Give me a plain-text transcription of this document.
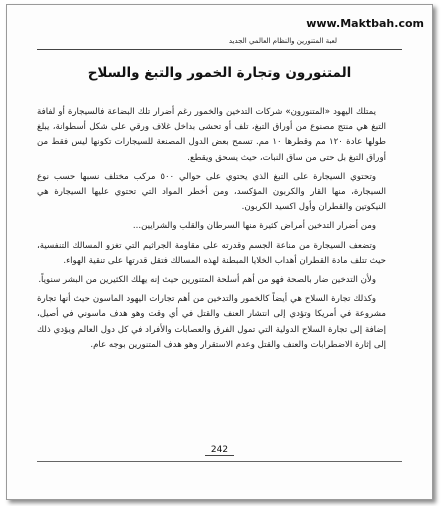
www.Maktbah.com
لعبة المتنورين والنظام العالمي الجديد
المتنورون وتجارة الخمور والتبغ والسلاح

يمتلك اليهود «المتنورون» شركات التدخين والخمور رغم أضرار تلك البضاعة فالسيجارة أو لفافة التبغ هي منتج مصنوع من أوراق التبغ، تلف أو تحشى بداخل غلاف ورقي على شكل أسطوانة، يبلغ طولها عادة ١٢٠ مم وقطرها ١٠ مم. تسمح بعض الدول المصنعة للسيجارات تكونها ليس فقط من أوراق التبغ بل حتى من ساق النبات، حيث يسحق ويقطع.

وتحتوي السيجارة على التبغ الذي يحتوي على حوالي ٥٠٠ مركب مختلف نسبها حسب نوع السيجارة، منها القار والكربون المؤكسد، ومن أخطر المواد التي تحتوي عليها السيجارة هي النيكوتين والقطران وأول اكسيد الكربون.

ومن أضرار التدخين أمراض كثيرة منها السرطان والقلب والشرايين...

وتضعف السيجارة من مناعة الجسم وقدرته على مقاومة الجراثيم التي تغزو المسالك التنفسية، حيث تتلف مادة القطران أهداب الخلايا المبطنة لهذه المسالك فتقل قدرتها على تنقية الهواء.

ولأن التدخين ضار بالصحة فهو من أهم أسلحة المتنورين حيث إنه يهلك الكثيرين من البشر سنوياً.

وكذلك تجارة السلاح هي أيضاً كالخمور والتدخين من أهم تجارات اليهود الماسون حيث أنها تجارة مشروعة في أمريكا وتؤدي إلى انتشار العنف والقتل في أي وقت وهو هدف ماسوني في أصيل، إضافة إلى تجارة السلاح الدولية التي تمول الفرق والعصابات والأفراد في كل دول العالم ويؤدي ذلك إلى إثارة الاضطرابات والعنف والقتل وعدم الاستقرار وهو هدف المتنورين بوجه عام.

242
